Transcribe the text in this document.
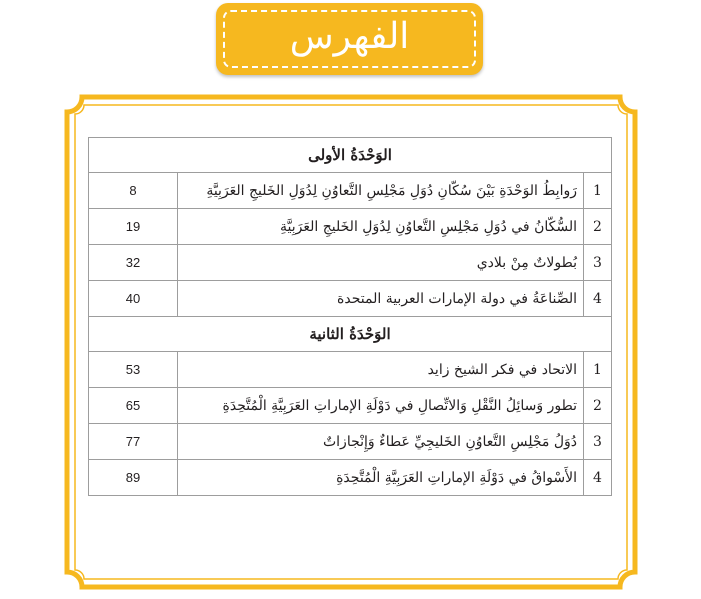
الفهرس
الوَحْدَةُ الأولى		
1	رَوابِطُ الوَحْدَةِ بَيْنَ سُكّانِ دُوَلِ مَجْلِسِ التَّعاوُنِ لِدُوَلِ الخَليجِ العَرَبِيَّةِ	8
2	السُّكّانُ في دُوَلِ مَجْلِسِ التَّعاوُنِ لِدُوَلِ الخَليجِ العَرَبِيَّةِ	19
3	بُطولاتٌ مِنْ بلادي	32
4	الصِّناعَةُ في دولة الإمارات العربية المتحدة	40
الوَحْدَةُ الثانية		
1	الاتحاد في فكر الشيخ زايد	53
2	تطور وَسائِلُ النَّقْلِ وَالاتِّصالِ في دَوْلَةِ الإماراتِ العَرَبِيَّةِ الْمُتَّحِدَةِ	65
3	دُوَلُ مَجْلِسِ التَّعاوُنِ الخَليجِيِّ عَطاءٌ وَإِنْجازاتٌ	77
4	الأَسْواقُ في دَوْلَةِ الإماراتِ العَرَبِيَّةِ الْمُتَّحِدَةِ	89
